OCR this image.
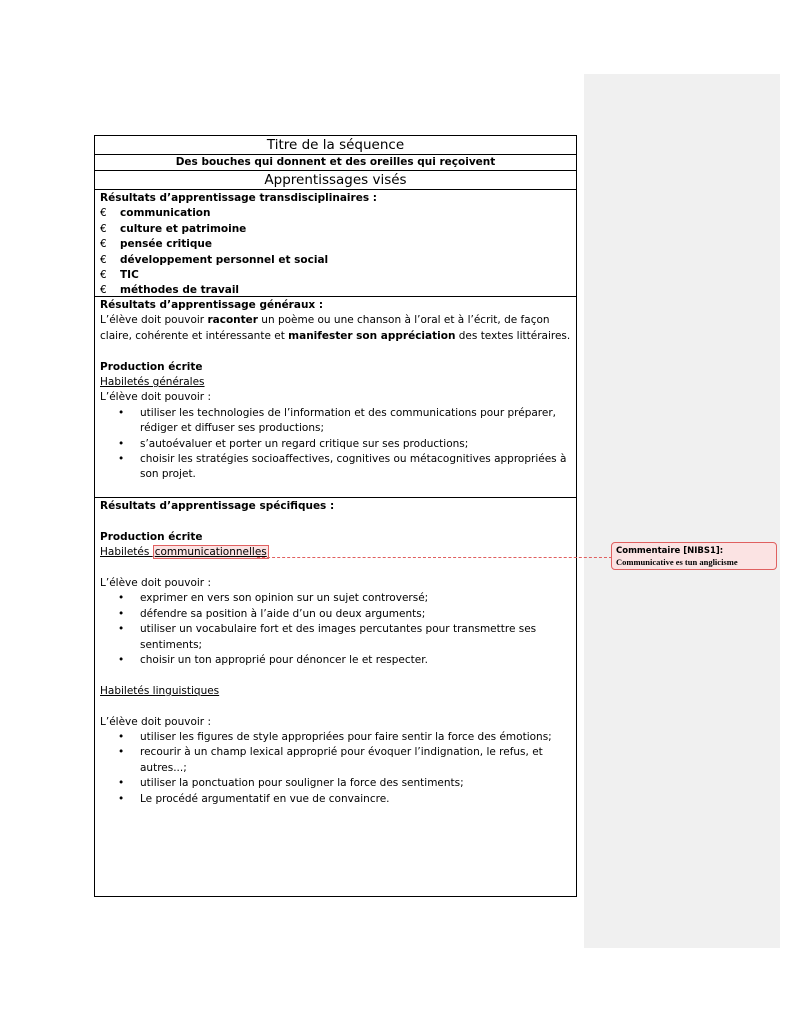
Titre de la séquence
Des bouches qui donnent et des oreilles qui reçoivent
Apprentissages visés
Résultats d’apprentissage transdisciplinaires :
€ communication
€ culture et patrimoine
€ pensée critique
€ développement personnel et social
€ TIC
€ méthodes de travail
Résultats d’apprentissage généraux :
L’élève doit pouvoir raconter un poème ou une chanson à l’oral et à l’écrit, de façon claire, cohérente et intéressante et manifester son appréciation des textes littéraires.
Production écrite
Habiletés générales
L’élève doit pouvoir :
• utiliser les technologies de l’information et des communications pour préparer, rédiger et diffuser ses productions;
• s’autoévaluer et porter un regard critique sur ses productions;
• choisir les stratégies socioaffectives, cognitives ou métacognitives appropriées à son projet.
Résultats d’apprentissage spécifiques :
Production écrite
Habiletés communicationnelles
L’élève doit pouvoir :
• exprimer en vers son opinion sur un sujet controversé;
• défendre sa position à l’aide d’un ou deux arguments;
• utiliser un vocabulaire fort et des images percutantes pour transmettre ses sentiments;
• choisir un ton approprié pour dénoncer le et respecter.
Habiletés linguistiques
L’élève doit pouvoir :
• utiliser les figures de style appropriées pour faire sentir la force des émotions;
• recourir à un champ lexical approprié pour évoquer l’indignation, le refus, et autres...;
• utiliser la ponctuation pour souligner la force des sentiments;
• Le procédé argumentatif en vue de convaincre.
Commentaire [NIBS1]: Communicative es tun anglicisme
